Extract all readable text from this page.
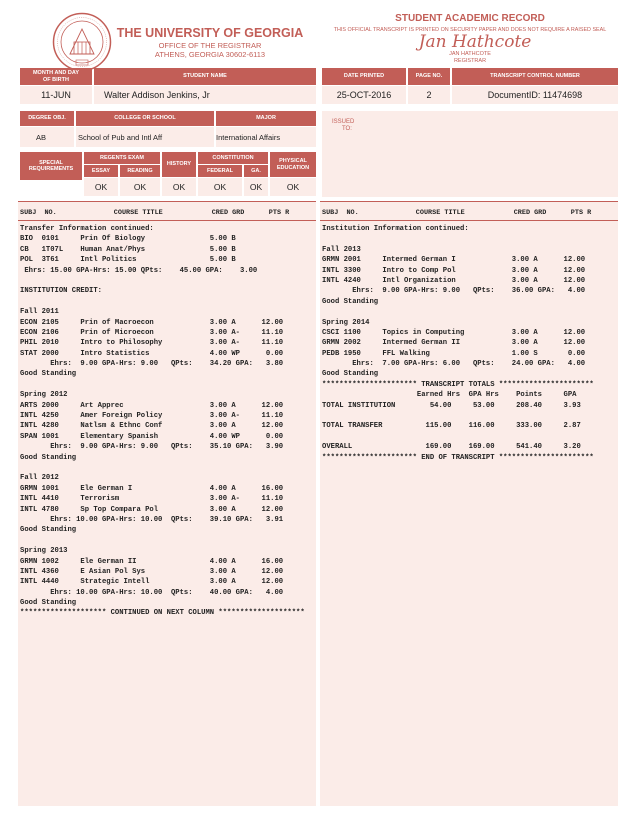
THE UNIVERSITY OF GEORGIA
OFFICE OF THE REGISTRAR
ATHENS, GEORGIA 30602-6113
STUDENT ACADEMIC RECORD
THIS OFFICIAL TRANSCRIPT IS PRINTED ON SECURITY PAPER AND DOES NOT REQUIRE A RAISED SEAL
Jan Hathcote
JAN HATHCOTE
REGISTRAR
MONTH AND DAY OF BIRTH
STUDENT NAME
11-JUN	Walter Addison Jenkins, Jr
DATE PRINTED	PAGE NO.	TRANSCRIPT CONTROL NUMBER
25-OCT-2016	2	DocumentID: 11474698
DEGREE OBJ.	COLLEGE OR SCHOOL	MAJOR
AB	School of Pub and Intl Aff	International Affairs
ISSUED
TO:
SPECIAL REQUIREMENTS
REGENTS EXAM
ESSAY	READING
HISTORY
CONSTITUTION
FEDERAL	GA.
PHYSICAL EDUCATION
OK	OK	OK	OK	OK	OK
SUBJ  NO.              COURSE TITLE            CRED GRD      PTS R
Transfer Information continued:
BIO  0101     Prin Of Biology               5.00 B
CB   1T07L    Human Anat/Phys               5.00 B
POL  3T61     Intl Politics                 5.00 B
Ehrs: 15.00 GPA-Hrs: 15.00 QPts:    45.00 GPA:    3.00
INSTITUTION CREDIT:
Fall 2011
ECON 2105     Prin of Macroecon             3.00 A      12.00
ECON 2106     Prin of Microecon             3.00 A-     11.10
PHIL 2010     Intro to Philosophy           3.00 A-     11.10
STAT 2000     Intro Statistics              4.00 WP      0.00
Ehrs:  9.00 GPA-Hrs: 9.00   QPts:    34.20 GPA:   3.80
Good Standing
Spring 2012
ARTS 2000     Art Apprec                    3.00 A      12.00
INTL 4250     Amer Foreign Policy           3.00 A-     11.10
INTL 4280     Natlsm & Ethnc Conf           3.00 A      12.00
SPAN 1001     Elementary Spanish            4.00 WP      0.00
Ehrs:  9.00 GPA-Hrs: 9.00   QPts:    35.10 GPA:   3.90
Good Standing
Fall 2012
GRMN 1001     Ele German I                  4.00 A      16.00
INTL 4410     Terrorism                     3.00 A-     11.10
INTL 4780     Sp Top Compara Pol            3.00 A      12.00
Ehrs: 10.00 GPA-Hrs: 10.00  QPts:    39.10 GPA:   3.91
Good Standing
Spring 2013
GRMN 1002     Ele German II                 4.00 A      16.00
INTL 4360     E Asian Pol Sys               3.00 A      12.00
INTL 4440     Strategic Intell              3.00 A      12.00
Ehrs: 10.00 GPA-Hrs: 10.00  QPts:    40.00 GPA:   4.00
Good Standing
******************** CONTINUED ON NEXT COLUMN ********************
SUBJ  NO.              COURSE TITLE            CRED GRD      PTS R
Institution Information continued:
Fall 2013
GRMN 2001     Intermed German I             3.00 A      12.00
INTL 3300     Intro to Comp Pol             3.00 A      12.00
INTL 4240     Intl Organization             3.00 A      12.00
Ehrs:  9.00 GPA-Hrs: 9.00   QPts:    36.00 GPA:   4.00
Good Standing
Spring 2014
CSCI 1100     Topics in Computing           3.00 A      12.00
GRMN 2002     Intermed German II            3.00 A      12.00
PEDB 1950     FFL Walking                   1.00 S       0.00
Ehrs:  7.00 GPA-Hrs: 6.00   QPts:    24.00 GPA:   4.00
Good Standing
********************** TRANSCRIPT TOTALS **********************
Earned Hrs  GPA Hrs    Points     GPA
TOTAL INSTITUTION        54.00     53.00     208.40     3.93
TOTAL TRANSFER          115.00    116.00     333.00     2.87
OVERALL                 169.00    169.00     541.40     3.20
********************** END OF TRANSCRIPT **********************
